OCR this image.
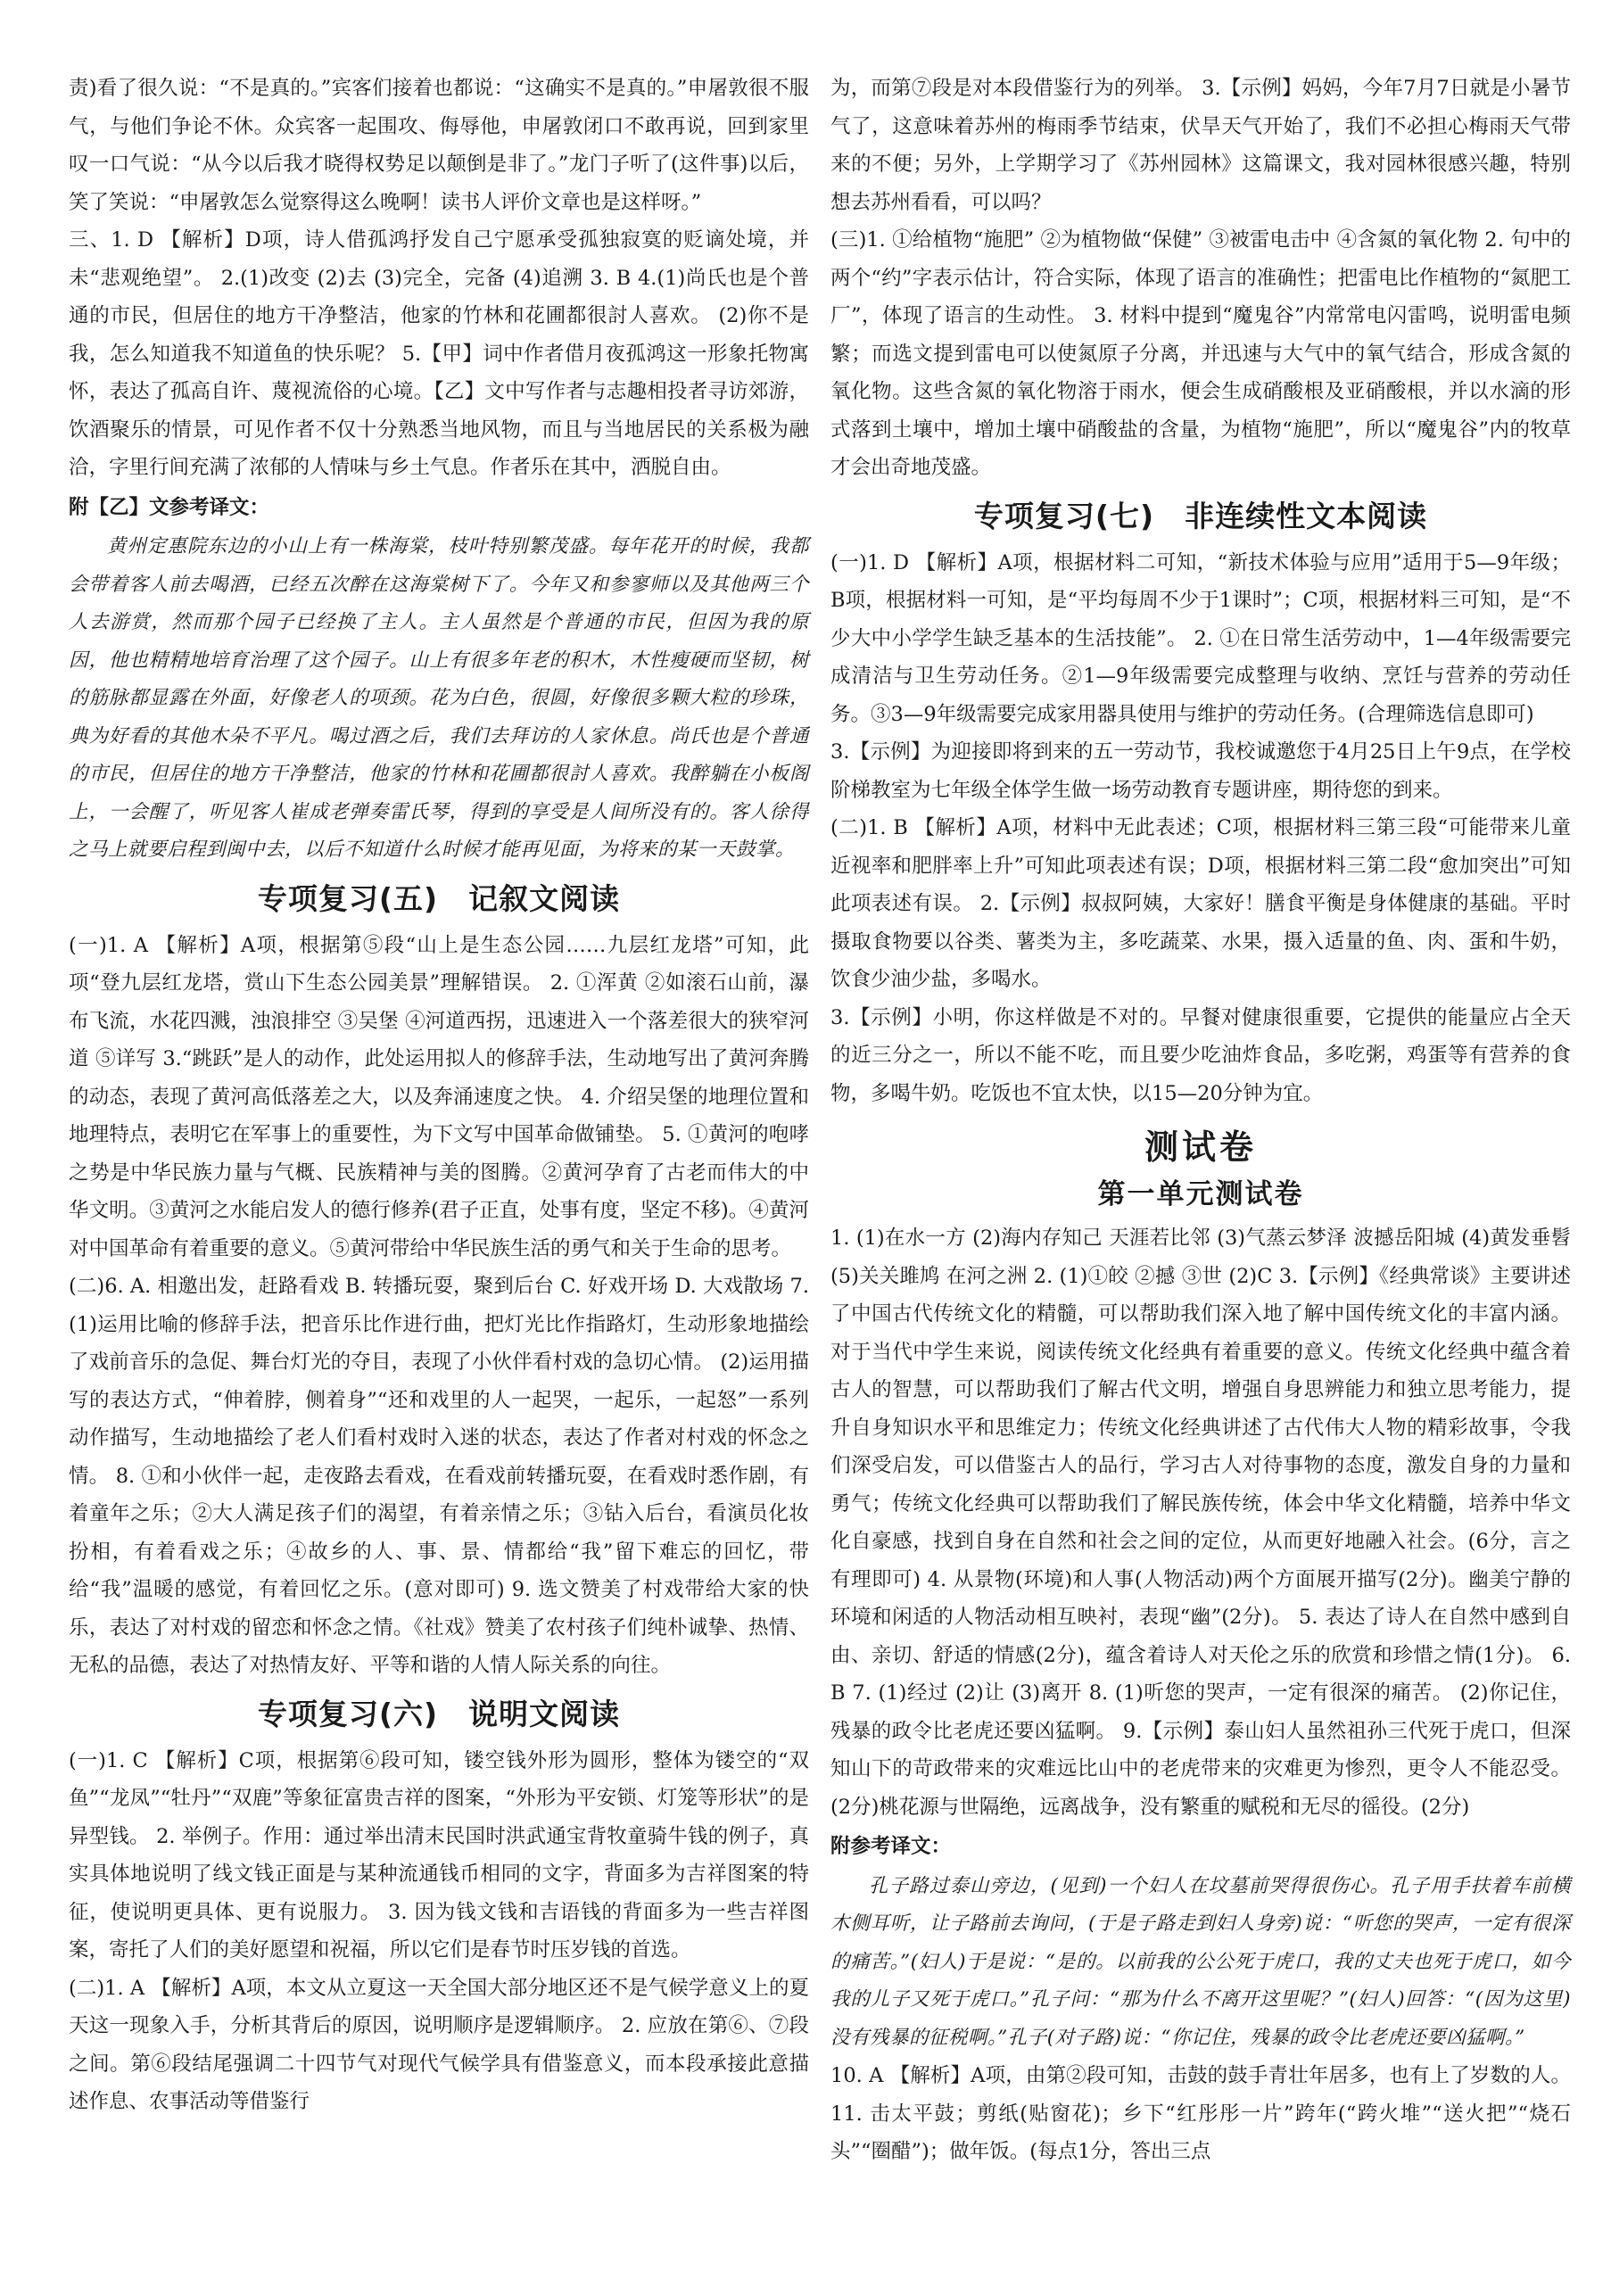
责)看了很久说：“不是真的。”宾客们接着也都说：“这确实不是真的。”申屠敦很不服气，与他们争论不休。众宾客一起围攻、侮辱他，申屠敦闭口不敢再说，回到家里叹一口气说：“从今以后我才晓得权势足以颠倒是非了。”龙门子听了(这件事)以后，笑了笑说：“申屠敦怎么觉察得这么晚啊！读书人评价文章也是这样呀。”

三、1. D 【解析】D项，诗人借孤鸿抒发自己宁愿承受孤独寂寞的贬谪处境，并未“悲观绝望”。 2.(1)改变 (2)去 (3)完全，完备 (4)追溯 3. B 4.(1)尚氏也是个普通的市民，但居住的地方干净整洁，他家的竹林和花圃都很討人喜欢。 (2)你不是我，怎么知道我不知道鱼的快乐呢？ 5.【甲】词中作者借月夜孤鸿这一形象托物寓怀，表达了孤高自许、蔑视流俗的心境。【乙】文中写作者与志趣相投者寻访郊游，饮酒聚乐的情景，可见作者不仅十分熟悉当地风物，而且与当地居民的关系极为融洽，字里行间充满了浓郁的人情味与乡土气息。作者乐在其中，洒脱自由。

附【乙】文参考译文：

黄州定惠院东边的小山上有一株海棠，枝叶特别繁茂盛。每年花开的时候，我都会带着客人前去喝酒，已经五次醉在这海棠树下了。今年又和参寥师以及其他两三个人去游赏，然而那个园子已经换了主人。主人虽然是个普通的市民，但因为我的原因，他也精精地培育治理了这个园子。山上有很多年老的积木，木性瘦硬而坚韧，树的筋脉都显露在外面，好像老人的项颈。花为白色，很圆，好像很多颗大粒的珍珠，典为好看的其他木朵不平凡。喝过酒之后，我们去拜访的人家休息。尚氏也是个普通的市民，但居住的地方干净整洁，他家的竹林和花圃都很討人喜欢。我醉躺在小板阁上，一会醒了，听见客人崔成老弹奏雷氏琴，得到的享受是人间所没有的。客人徐得之马上就要启程到闽中去，以后不知道什么时候才能再见面，为将来的某一天鼓掌。

专项复习(五)　记叙文阅读

(一)1. A 【解析】A项，根据第⑤段“山上是生态公园……九层红龙塔”可知，此项“登九层红龙塔，赏山下生态公园美景”理解错误。 2. ①浑黄 ②如滚石山前，瀑布飞流，水花四溅，浊浪排空 ③吴堡 ④河道西拐，迅速进入一个落差很大的狭窄河道 ⑤详写 3.“跳跃”是人的动作，此处运用拟人的修辞手法，生动地写出了黄河奔腾的动态，表现了黄河高低落差之大，以及奔涌速度之快。 4. 介绍吴堡的地理位置和地理特点，表明它在军事上的重要性，为下文写中国革命做铺垫。 5. ①黄河的咆哮之势是中华民族力量与气概、民族精神与美的图腾。②黄河孕育了古老而伟大的中华文明。③黄河之水能启发人的德行修养(君子正直，处事有度，坚定不移)。④黄河对中国革命有着重要的意义。⑤黄河带给中华民族生活的勇气和关于生命的思考。

(二)6. A. 相邀出发，赶路看戏 B. 转播玩耍，聚到后台 C. 好戏开场 D. 大戏散场 7. (1)运用比喻的修辞手法，把音乐比作进行曲，把灯光比作指路灯，生动形象地描绘了戏前音乐的急促、舞台灯光的夺目，表现了小伙伴看村戏的急切心情。 (2)运用描写的表达方式，“伸着脖，侧着身”“还和戏里的人一起哭，一起乐，一起怒”一系列动作描写，生动地描绘了老人们看村戏时入迷的状态，表达了作者对村戏的怀念之情。 8. ①和小伙伴一起，走夜路去看戏，在看戏前转播玩耍，在看戏时悉作剧，有着童年之乐；②大人满足孩子们的渴望，有着亲情之乐；③钻入后台，看演员化妆扮相，有着看戏之乐；④故乡的人、事、景、情都给“我”留下难忘的回忆，带给“我”温暖的感觉，有着回忆之乐。(意对即可) 9. 选文赞美了村戏带给大家的快乐，表达了对村戏的留恋和怀念之情。《社戏》赞美了农村孩子们纯朴诚挚、热情、无私的品德，表达了对热情友好、平等和谐的人情人际关系的向往。

专项复习(六)　说明文阅读

(一)1. C 【解析】C项，根据第⑥段可知，镂空钱外形为圆形，整体为镂空的“双鱼”“龙凤”“牡丹”“双鹿”等象征富贵吉祥的图案，“外形为平安锁、灯笼等形状”的是异型钱。 2. 举例子。作用：通过举出清末民国时洪武通宝背牧童骑牛钱的例子，真实具体地说明了线文钱正面是与某种流通钱币相同的文字，背面多为吉祥图案的特征，使说明更具体、更有说服力。 3. 因为钱文钱和吉语钱的背面多为一些吉祥图案，寄托了人们的美好愿望和祝福，所以它们是春节时压岁钱的首选。

(二)1. A 【解析】A项，本文从立夏这一天全国大部分地区还不是气候学意义上的夏天这一现象入手，分析其背后的原因，说明顺序是逻辑顺序。 2. 应放在第⑥、⑦段之间。第⑥段结尾强调二十四节气对现代气候学具有借鉴意义，而本段承接此意描述作息、农事活动等借鉴行

为，而第⑦段是对本段借鉴行为的列举。 3.【示例】妈妈，今年7月7日就是小暑节气了，这意味着苏州的梅雨季节结束，伏旱天气开始了，我们不必担心梅雨天气带来的不便；另外，上学期学习了《苏州园林》这篇课文，我对园林很感兴趣，特别想去苏州看看，可以吗？

(三)1. ①给植物“施肥” ②为植物做“保健” ③被雷电击中 ④含氮的氧化物 2. 句中的两个“约”字表示估计，符合实际，体现了语言的准确性；把雷电比作植物的“氮肥工厂”，体现了语言的生动性。 3. 材料中提到“魔鬼谷”内常常电闪雷鸣，说明雷电频繁；而选文提到雷电可以使氮原子分离，并迅速与大气中的氧气结合，形成含氮的氧化物。这些含氮的氧化物溶于雨水，便会生成硝酸根及亚硝酸根，并以水滴的形式落到土壤中，增加土壤中硝酸盐的含量，为植物“施肥”，所以“魔鬼谷”内的牧草才会出奇地茂盛。

专项复习(七)　非连续性文本阅读

(一)1. D 【解析】A项，根据材料二可知，“新技术体验与应用”适用于5—9年级；B项，根据材料一可知，是“平均每周不少于1课时”；C项，根据材料三可知，是“不少大中小学学生缺乏基本的生活技能”。 2. ①在日常生活劳动中，1—4年级需要完成清洁与卫生劳动任务。②1—9年级需要完成整理与收纳、烹饪与营养的劳动任务。③3—9年级需要完成家用器具使用与维护的劳动任务。(合理筛选信息即可)

3.【示例】为迎接即将到来的五一劳动节，我校诚邀您于4月25日上午9点，在学校阶梯教室为七年级全体学生做一场劳动教育专题讲座，期待您的到来。

(二)1. B 【解析】A项，材料中无此表述；C项，根据材料三第三段“可能带来儿童近视率和肥胖率上升”可知此项表述有误；D项，根据材料三第二段“愈加突出”可知此项表述有误。 2.【示例】叔叔阿姨，大家好！膳食平衡是身体健康的基础。平时摄取食物要以谷类、薯类为主，多吃蔬菜、水果，摄入适量的鱼、肉、蛋和牛奶，饮食少油少盐，多喝水。

3.【示例】小明，你这样做是不对的。早餐对健康很重要，它提供的能量应占全天的近三分之一，所以不能不吃，而且要少吃油炸食品，多吃粥，鸡蛋等有营养的食物，多喝牛奶。吃饭也不宜太快，以15—20分钟为宜。

测试卷
第一单元测试卷

1. (1)在水一方 (2)海内存知己 天涯若比邻 (3)气蒸云梦泽 波撼岳阳城 (4)黄发垂髫 (5)关关雎鸠 在河之洲 2. (1)①皎 ②撼 ③世 (2)C 3.【示例】《经典常谈》主要讲述了中国古代传统文化的精髓，可以帮助我们深入地了解中国传统文化的丰富内涵。对于当代中学生来说，阅读传统文化经典有着重要的意义。传统文化经典中蕴含着古人的智慧，可以帮助我们了解古代文明，增强自身思辨能力和独立思考能力，提升自身知识水平和思维定力；传统文化经典讲述了古代伟大人物的精彩故事，令我们深受启发，可以借鉴古人的品行，学习古人对待事物的态度，激发自身的力量和勇气；传统文化经典可以帮助我们了解民族传统，体会中华文化精髓，培养中华文化自豪感，找到自身在自然和社会之间的定位，从而更好地融入社会。(6分，言之有理即可) 4. 从景物(环境)和人事(人物活动)两个方面展开描写(2分)。幽美宁静的环境和闲适的人物活动相互映衬，表现“幽”(2分)。 5. 表达了诗人在自然中感到自由、亲切、舒适的情感(2分)，蕴含着诗人对天伦之乐的欣赏和珍惜之情(1分)。 6. B 7. (1)经过 (2)让 (3)离开 8. (1)听您的哭声，一定有很深的痛苦。 (2)你记住，残暴的政令比老虎还要凶猛啊。 9.【示例】泰山妇人虽然祖孙三代死于虎口，但深知山下的苛政带来的灾难远比山中的老虎带来的灾难更为惨烈，更令人不能忍受。(2分)桃花源与世隔绝，远离战争，没有繁重的赋税和无尽的徭役。(2分)

附参考译文：

孔子路过泰山旁边，(见到)一个妇人在坟墓前哭得很伤心。孔子用手扶着车前横木侧耳听，让子路前去询问，(于是子路走到妇人身旁)说：“听您的哭声，一定有很深的痛苦。”(妇人)于是说：“是的。以前我的公公死于虎口，我的丈夫也死于虎口，如今我的儿子又死于虎口。”孔子问：“那为什么不离开这里呢？”(妇人)回答：“(因为这里)没有残暴的征税啊。”孔子(对子路)说：“你记住，残暴的政令比老虎还要凶猛啊。”

10. A 【解析】A项，由第②段可知，击鼓的鼓手青壮年居多，也有上了岁数的人。 11. 击太平鼓；剪纸(贴窗花)；乡下“红彤彤一片”跨年(“跨火堆”“送火把”“烧石头”“圈醋”)；做年饭。(每点1分，答出三点
